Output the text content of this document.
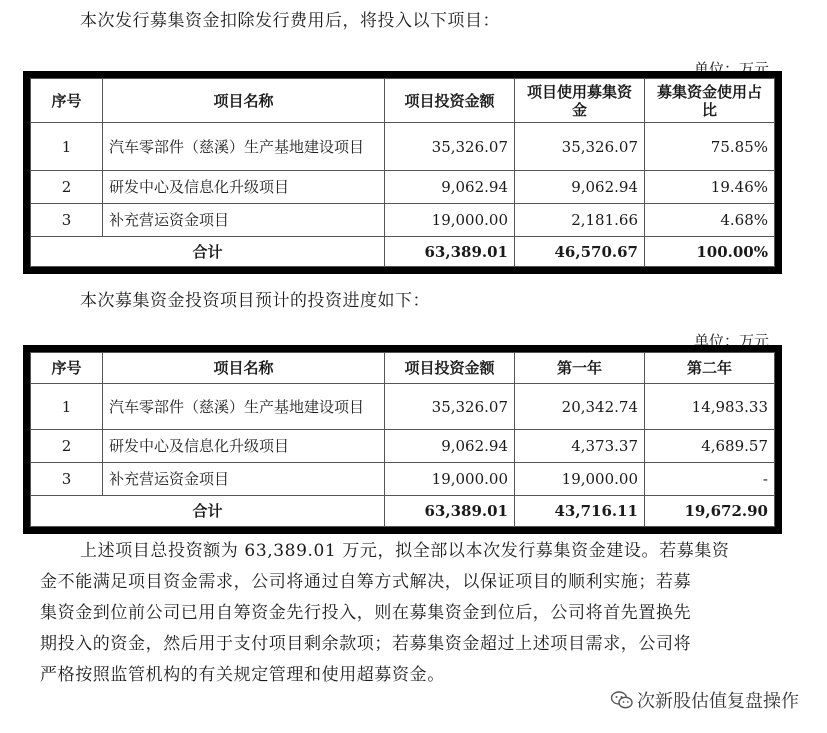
本次发行募集资金扣除发行费用后，将投入以下项目：
单位：万元
序号	项目名称	项目投资金额	项目使用募集资金	募集资金使用占比
1	汽车零部件（慈溪）生产基地建设项目	35,326.07	35,326.07	75.85%
2	研发中心及信息化升级项目	9,062.94	9,062.94	19.46%
3	补充营运资金项目	19,000.00	2,181.66	4.68%
合计		63,389.01	46,570.67	100.00%
本次募集资金投资项目预计的投资进度如下：
单位：万元
序号	项目名称	项目投资金额	第一年	第二年
1	汽车零部件（慈溪）生产基地建设项目	35,326.07	20,342.74	14,983.33
2	研发中心及信息化升级项目	9,062.94	4,373.37	4,689.57
3	补充营运资金项目	19,000.00	19,000.00	-
合计		63,389.01	43,716.11	19,672.90

上述项目总投资额为 63,389.01 万元，拟全部以本次发行募集资金建设。若募集资

金不能满足项目资金需求，公司将通过自筹方式解决，以保证项目的顺利实施；若募

集资金到位前公司已用自筹资金先行投入，则在募集资金到位后，公司将首先置换先

期投入的资金，然后用于支付项目剩余款项；若募集资金超过上述项目需求，公司将

严格按照监管机构的有关规定管理和使用超募资金。

次新股估值复盘操作
